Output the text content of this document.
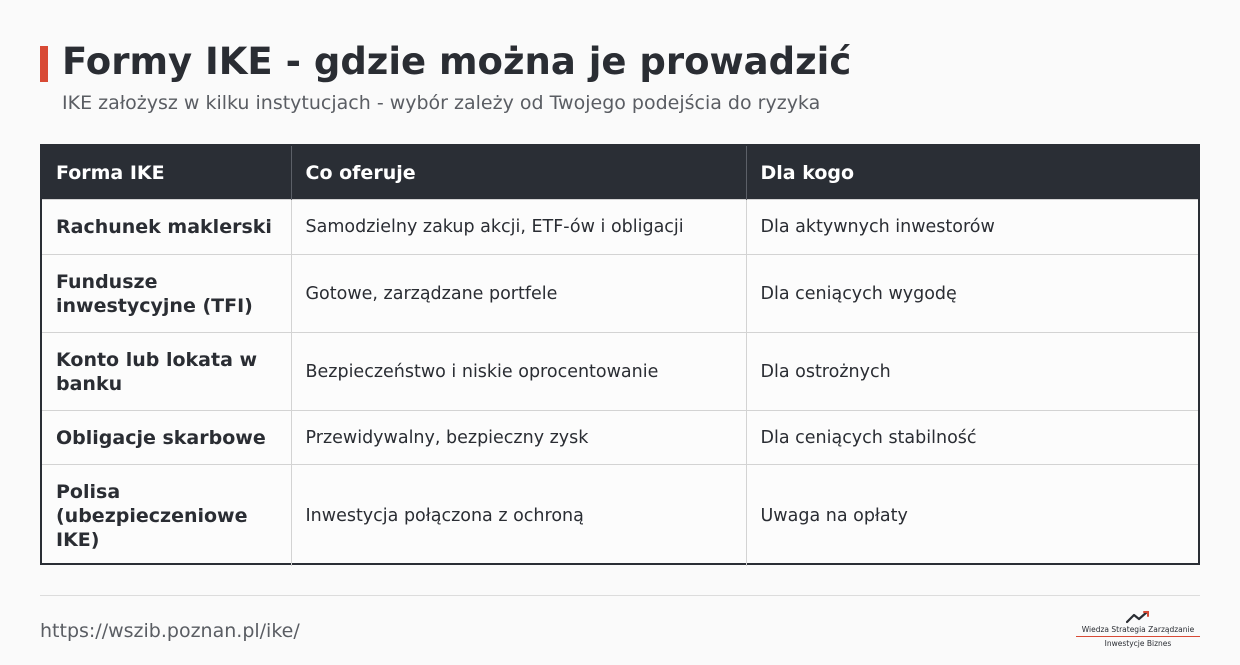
Formy IKE - gdzie można je prowadzić
IKE założysz w kilku instytucjach - wybór zależy od Twojego podejścia do ryzyka
Forma IKE	Co oferuje	Dla kogo
Rachunek maklerski	Samodzielny zakup akcji, ETF-ów i obligacji	Dla aktywnych inwestorów
Fundusze inwestycyjne (TFI)	Gotowe, zarządzane portfele	Dla ceniących wygodę
Konto lub lokata w banku	Bezpieczeństwo i niskie oprocentowanie	Dla ostrożnych
Obligacje skarbowe	Przewidywalny, bezpieczny zysk	Dla ceniących stabilność
Polisa (ubezpieczeniowe IKE)	Inwestycja połączona z ochroną	Uwaga na opłaty
https://wszib.poznan.pl/ike/	Wiedza Strategia Zarządzanie
Inwestycje Biznes
